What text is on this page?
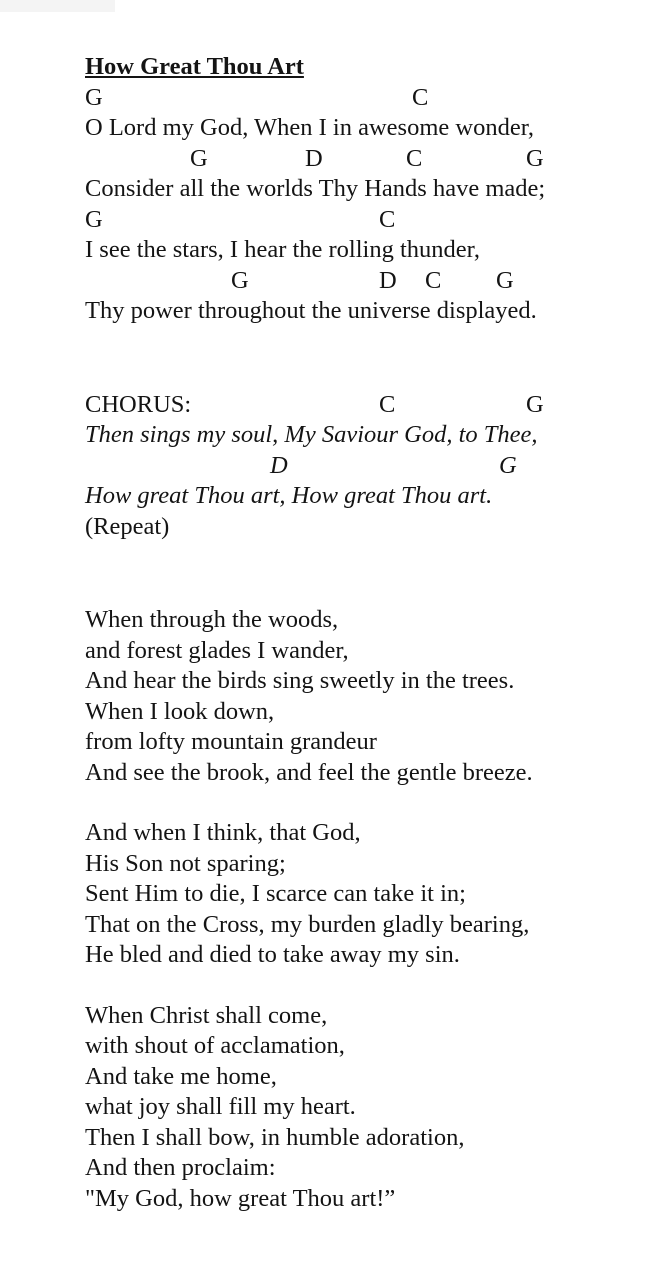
How Great Thou Art

G

	C

O Lord my God, When I in awesome wonder,

G

	D

	C

	G

Consider all the worlds Thy Hands have made;

G

	C

I see the stars, I hear the rolling thunder,

G

	D

C

G

Thy power throughout the universe displayed.

CHORUS:

	C

	G

Then sings my soul, My Saviour God, to Thee,

D

	G

How great Thou art, How great Thou art.
(Repeat)
When through the woods,
and forest glades I wander,
And hear the birds sing sweetly in the trees.
When I look down,
from lofty mountain grandeur
And see the brook, and feel the gentle breeze.
And when I think, that God,
His Son not sparing;
Sent Him to die, I scarce can take it in;
That on the Cross, my burden gladly bearing,
He bled and died to take away my sin.
When Christ shall come,
with shout of acclamation,
And take me home,
what joy shall fill my heart.
Then I shall bow, in humble adoration,
And then proclaim:
"My God, how great Thou art!”
